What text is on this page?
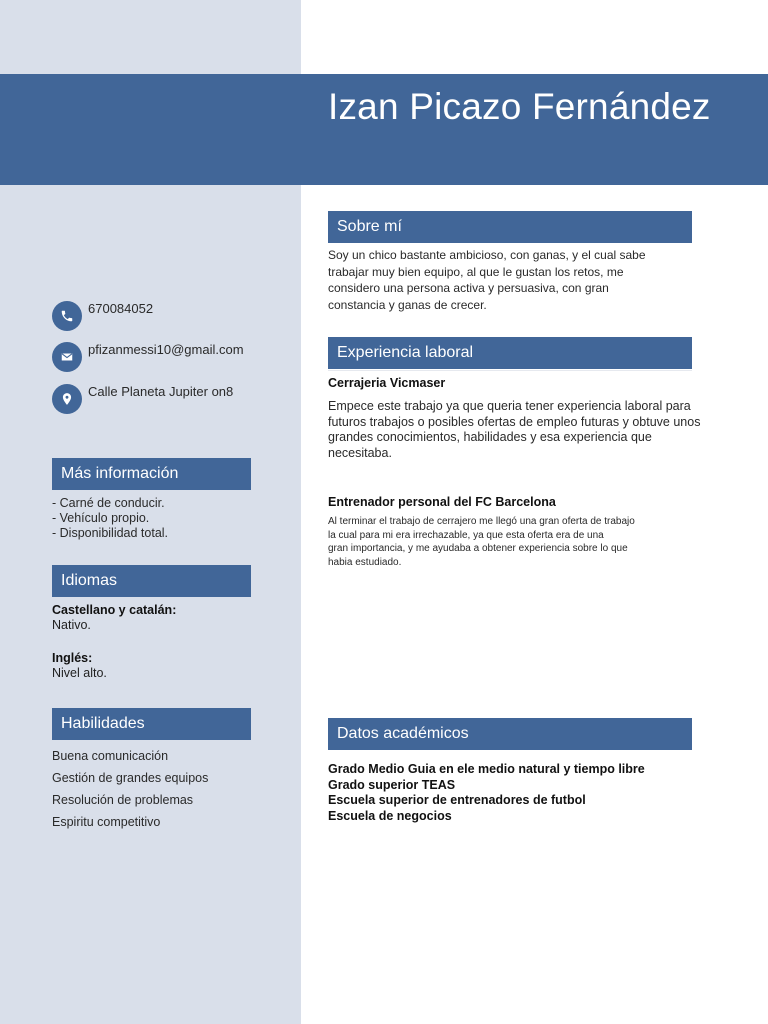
Izan Picazo Fernández
670084052
pfizanmessi10@gmail.com
Calle Planeta Jupiter on8
Más información
- Carné de conducir.
- Vehículo propio.
- Disponibilidad total.
Idiomas
Castellano y catalán:
Nativo.
Inglés:
Nivel alto.
Habilidades
Buena comunicación
Gestión de grandes equipos
Resolución de problemas
Espiritu competitivo
Sobre mí
Soy un chico bastante ambicioso, con ganas, y el cual sabe
trabajar muy bien equipo, al que le gustan los retos, me
considero una persona activa y persuasiva, con gran
constancia y ganas de crecer.
Experiencia laboral
Cerrajeria Vicmaser
Empece este trabajo ya que queria tener experiencia laboral para
futuros trabajos o posibles ofertas de empleo futuras y obtuve unos
grandes conocimientos, habilidades y esa experiencia que
necesitaba.
Entrenador personal del FC Barcelona
Al terminar el trabajo de cerrajero me llegó una gran oferta de trabajo
la cual para mi era irrechazable, ya que esta oferta era de una
gran importancia, y me ayudaba a obtener experiencia sobre lo que
habia estudiado.
Datos académicos
Grado Medio Guia en ele medio natural y tiempo libre
Grado superior TEAS
Escuela superior de entrenadores de futbol
Escuela de negocios
